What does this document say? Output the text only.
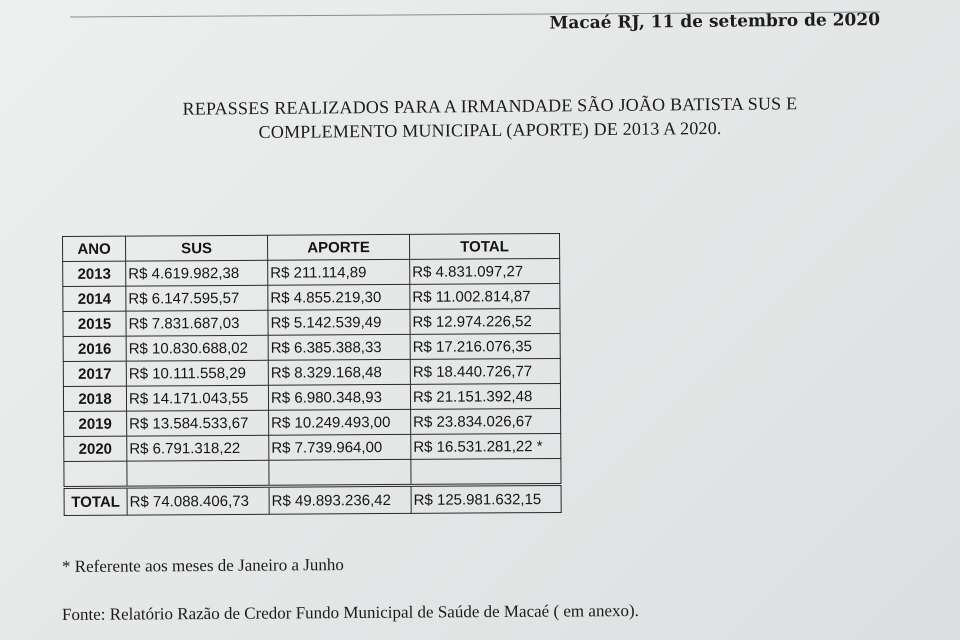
Macaé RJ, 11 de setembro de 2020
REPASSES REALIZADOS PARA A IRMANDADE SÃO JOÃO BATISTA SUS E
COMPLEMENTO MUNICIPAL (APORTE) DE 2013 A 2020.
ANO	SUS	APORTE	TOTAL
2013	R$ 4.619.982,38	R$ 211.114,89	R$ 4.831.097,27
2014	R$ 6.147.595,57	R$ 4.855.219,30	R$ 11.002.814,87
2015	R$ 7.831.687,03	R$ 5.142.539,49	R$ 12.974.226,52
2016	R$ 10.830.688,02	R$ 6.385.388,33	R$ 17.216.076,35
2017	R$ 10.111.558,29	R$ 8.329.168,48	R$ 18.440.726,77
2018	R$ 14.171.043,55	R$ 6.980.348,93	R$ 21.151.392,48
2019	R$ 13.584.533,67	R$ 10.249.493,00	R$ 23.834.026,67
2020	R$ 6.791.318,22	R$ 7.739.964,00	R$ 16.531.281,22 *

TOTAL	R$ 74.088.406,73	R$ 49.893.236,42	R$ 125.981.632,15
* Referente aos meses de Janeiro a Junho
Fonte: Relatório Razão de Credor Fundo Municipal de Saúde de Macaé ( em anexo).
